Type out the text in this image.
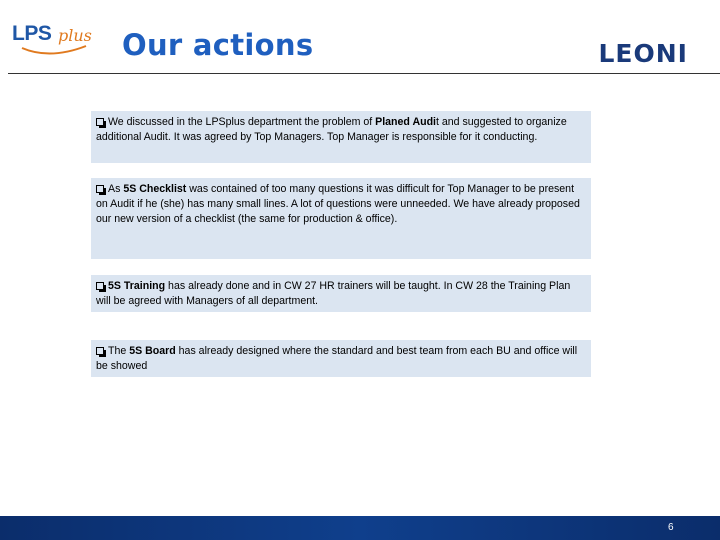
LPS plus Our actions	LEONI
We discussed in the LPSplus department the problem of Planed Audit and suggested to organize additional Audit. It was agreed by Top Managers. Top Manager is responsible for it conducting.
As 5S Checklist was contained of too many questions it was difficult for Top Manager to be present on Audit if he (she) has many small lines. A lot of questions were unneeded. We have already proposed our new version of a checklist (the same for production & office).
5S Training has already done and in CW 27 HR trainers will be taught. In CW 28 the Training Plan will be agreed with Managers of all department.
The 5S Board has already designed where the standard and best team from each BU and office will be showed
6
